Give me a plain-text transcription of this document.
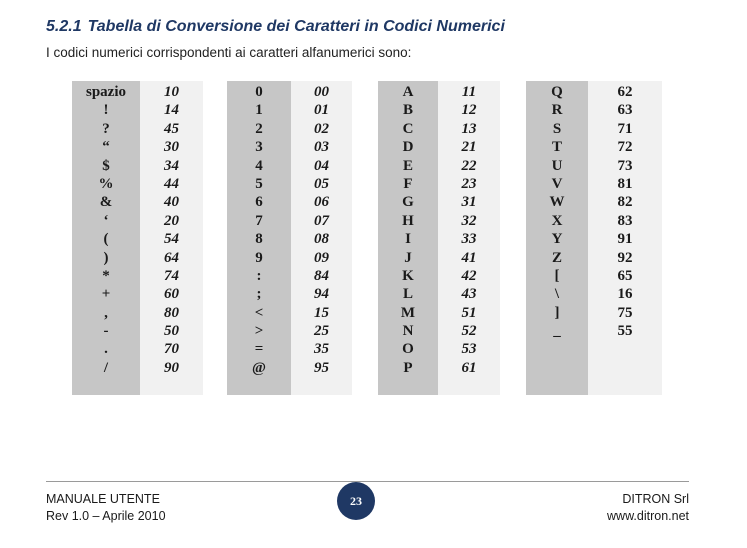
5.2.1 Tabella di Conversione dei Caratteri in Codici Numerici

I codici numerici corrispondenti ai caratteri alfanumerici sono:

spazio
!
?
“
$
%
&
‘
(
)
*
+
,
-
.
/
10
14
45
30
34
44
40
20
54
64
74
60
80
50
70
90
0
1
2
3
4
5
6
7
8
9
:
;
<
>
=
@
00
01
02
03
04
05
06
07
08
09
84
94
15
25
35
95
A
B
C
D
E
F
G
H
I
J
K
L
M
N
O
P
11
12
13
21
22
23
31
32
33
41
42
43
51
52
53
61
Q
R
S
T
U
V
W
X
Y
Z
[
\
]
_
62
63
71
72
73
81
82
83
91
92
65
16
75
55
MANUALE UTENTE
Rev 1.0 – Aprile 2010
23	DITRON Srl
www.ditron.net
